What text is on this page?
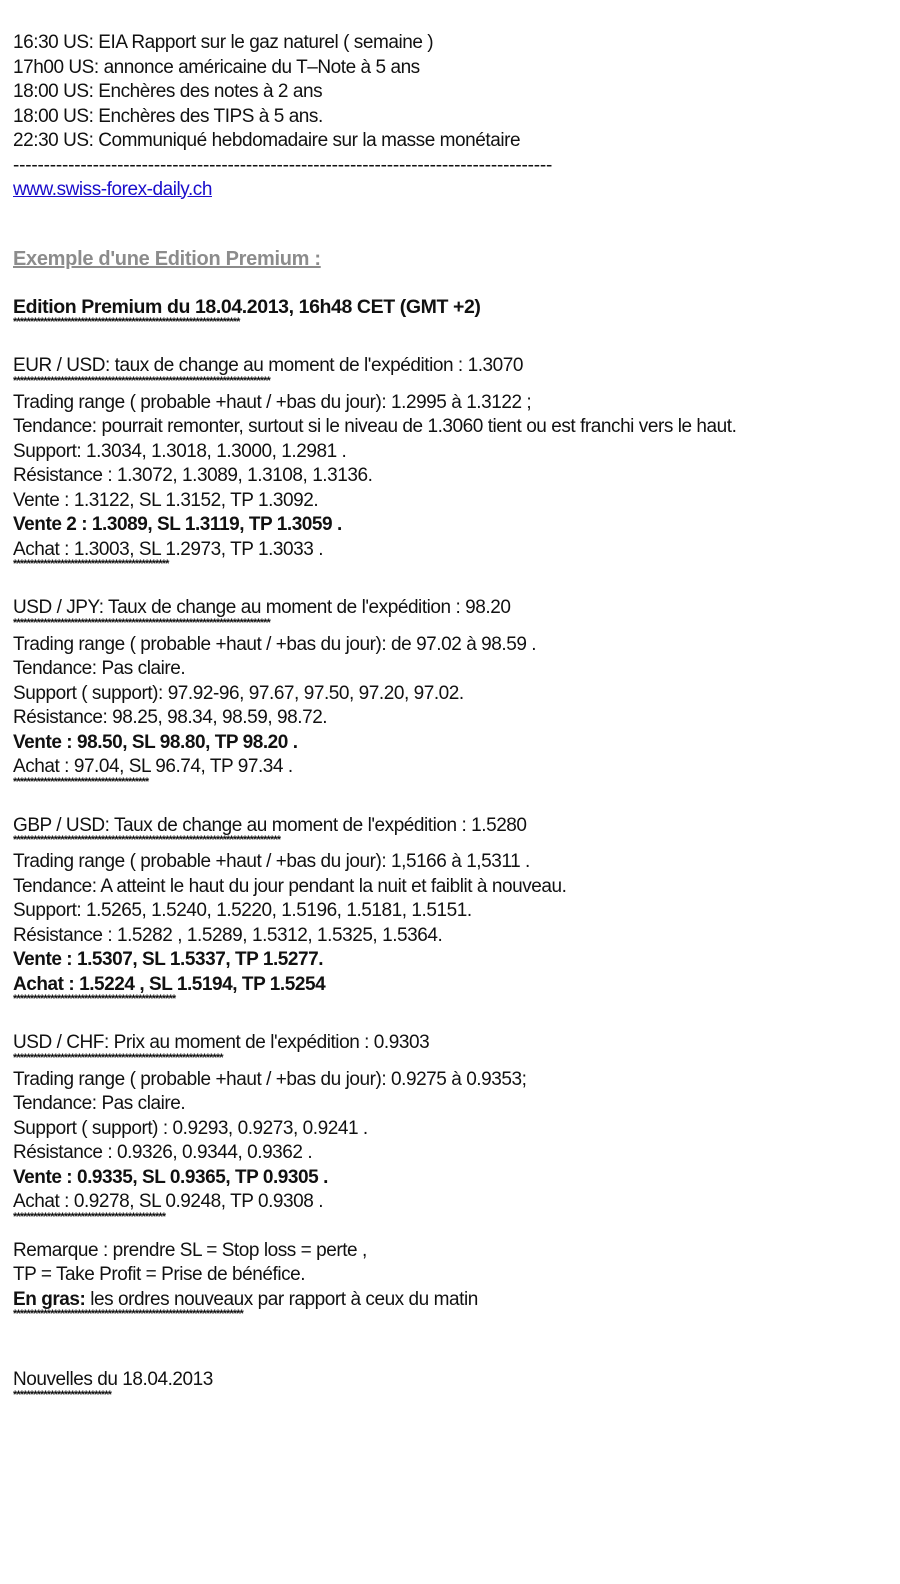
16:30 US: EIA Rapport sur le gaz naturel ( semaine )
17h00 US: annonce américaine du T–Note à 5 ans
18:00 US: Enchères des notes à 2 ans
18:00 US: Enchères des TIPS à 5 ans.
22:30 US: Communiqué hebdomadaire sur la masse monétaire
----------------------------------------------------------------------------------------
www.swiss-forex-daily.ch
Exemple d'une Edition Premium :
Edition Premium du 18.04.2013, 16h48 CET (GMT +2)
*******************************************************************
EUR / USD: taux de change au moment de l'expédition : 1.3070
****************************************************************************
Trading range ( probable +haut / +bas du jour): 1.2995 à 1.3122 ;
Tendance: pourrait remonter, surtout si le niveau de 1.3060 tient ou est franchi vers le haut.
Support: 1.3034, 1.3018, 1.3000, 1.2981 .
Résistance : 1.3072, 1.3089, 1.3108, 1.3136.
Vente : 1.3122, SL 1.3152, TP 1.3092.
Vente 2 : 1.3089, SL 1.3119, TP 1.3059 .
Achat : 1.3003, SL 1.2973, TP 1.3033 .
**********************************************
USD / JPY: Taux de change au moment de l'expédition : 98.20
****************************************************************************
Trading range ( probable +haut / +bas du jour): de 97.02 à 98.59 .
Tendance: Pas claire.
Support ( support): 97.92-96, 97.67, 97.50, 97.20, 97.02.
Résistance: 98.25, 98.34, 98.59, 98.72.
Vente : 98.50, SL 98.80, TP 98.20 .
Achat : 97.04, SL 96.74, TP 97.34 .
****************************************
GBP / USD: Taux de change au moment de l'expédition : 1.5280
*******************************************************************************
Trading range ( probable +haut / +bas du jour): 1,5166 à 1,5311 .
Tendance: A atteint le haut du jour pendant la nuit et faiblit à nouveau.
Support: 1.5265, 1.5240, 1.5220, 1.5196, 1.5181, 1.5151.
Résistance : 1.5282 , 1.5289, 1.5312, 1.5325, 1.5364.
Vente : 1.5307, SL 1.5337, TP 1.5277.
Achat : 1.5224 , SL 1.5194, TP 1.5254
************************************************
USD / CHF: Prix au moment de l'expédition : 0.9303
**************************************************************
Trading range ( probable +haut / +bas du jour): 0.9275 à 0.9353;
Tendance: Pas claire.
Support ( support) : 0.9293, 0.9273, 0.9241 .
Résistance : 0.9326, 0.9344, 0.9362 .
Vente : 0.9335, SL 0.9365, TP 0.9305 .
Achat : 0.9278, SL 0.9248, TP 0.9308 .
*********************************************
Remarque : prendre SL = Stop loss = perte ,
TP = Take Profit = Prise de bénéfice.
En gras: les ordres nouveaux par rapport à ceux du matin
********************************************************************
Nouvelles du 18.04.2013
*****************************
